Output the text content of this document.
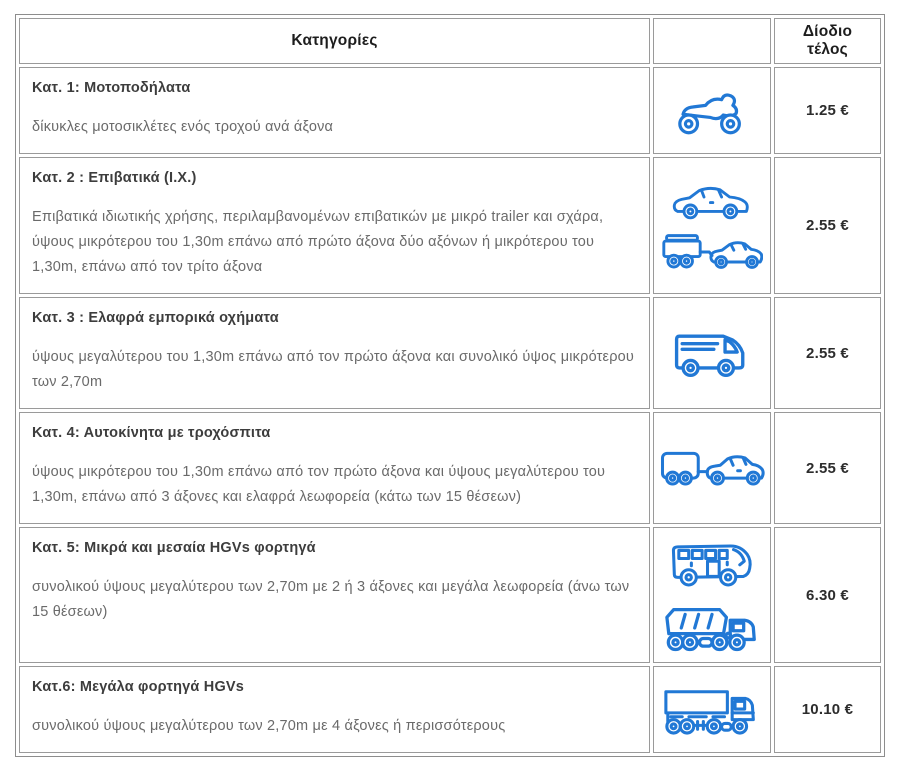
Κατηγορίες		Δίοδιο τέλος

Κατ. 1: Μοτοποδήλατα

δίκυκλες μοτοσικλέτες ενός τροχού ανά άξονα		1.25 €

Κατ. 2 : Επιβατικά (Ι.Χ.)

Επιβατικά ιδιωτικής χρήσης, περιλαμβανομένων επιβατικών με μικρό trailer και σχάρα, ύψους μικρότερου του 1,30m επάνω από πρώτο άξονα δύο αξόνων ή μικρότερου του 1,30m, επάνω από τον τρίτο άξονα		2.55 €

Κατ. 3 : Ελαφρά εμπορικά οχήματα

ύψους μεγαλύτερου του 1,30m επάνω από τον πρώτο άξονα και συνολικό ύψος μικρότερου των 2,70m		2.55 €

Κατ. 4: Αυτοκίνητα με τροχόσπιτα

ύψους μικρότερου του 1,30m επάνω από τον πρώτο άξονα και ύψους μεγαλύτερου του 1,30m, επάνω από 3 άξονες και ελαφρά λεωφορεία (κάτω των 15 θέσεων)		2.55 €

Κατ. 5: Μικρά και μεσαία HGVs φορτηγά

συνολικού ύψους μεγαλύτερου των 2,70m με 2 ή 3 άξονες και μεγάλα λεωφορεία (άνω των 15 θέσεων)		6.30 €

Κατ.6: Μεγάλα φορτηγά HGVs

συνολικού ύψους μεγαλύτερου των 2,70m με 4 άξονες ή περισσότερους		10.10 €
